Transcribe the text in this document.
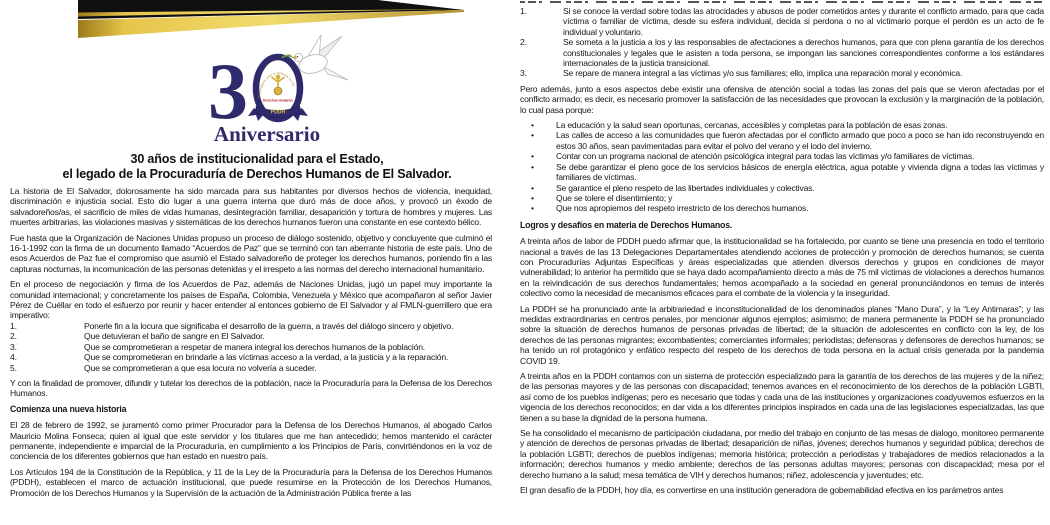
3	Procuraduría para la Defensa de los
Derechos Humanos
PDDH
Aniversario
30 años de institucionalidad para el Estado,
el legado de la Procuraduría de Derechos Humanos de El Salvador.

La historia de El Salvador, dolorosamente ha sido marcada para sus habitantes por diversos hechos de violencia, inequidad, discriminación e injusticia social. Esto dio lugar a una guerra interna que duró más de doce años, y provocó un éxodo de salvadoreños/as, el sacrificio de miles de vidas humanas, desintegración familiar, desaparición y tortura de hombres y mujeres. Las muertes arbitrarias, las violaciones masivas y sistemáticas de los derechos humanos fueron una constante en ese contexto bélico.

Fue hasta que la Organización de Naciones Unidas propuso un proceso de diálogo sostenido, objetivo y concluyente que culminó el 16-1-1992 con la firma de un documento llamado “Acuerdos de Paz” que se terminó con tan aberrante historia de este país. Uno de esos Acuerdos de Paz fue el compromiso que asumió el Estado salvadoreño de proteger los derechos humanos, poniendo fin a las capturas nocturnas, la incomunicación de las personas detenidas y el irrespeto a las normas del derecho internacional humanitario.

En el proceso de negociación y firma de los Acuerdos de Paz, además de Naciones Unidas, jugó un papel muy importante la comunidad internacional; y concretamente los países de España, Colombia, Venezuela y México que acompañaron al señor Javier Pérez de Cuéllar en todo el esfuerzo por reunir y hacer entender al entonces gobierno de El Salvador y al FMLN-guerrillero que era imperativo:

1.	Ponerle fin a la locura que significaba el desarrollo de la guerra, a través del diálogo sincero y objetivo.
2.	Que detuvieran el baño de sangre en El Salvador.
3.	Que se comprometieran a respetar de manera integral los derechos humanos de la población.
4.	Que se comprometieran en brindarle a las víctimas acceso a la verdad, a la justicia y a la reparación.
5.	Que se comprometieran a que esa locura no volvería a suceder.

Y con la finalidad de promover, difundir y tutelar los derechos de la población, nace la Procuraduría para la Defensa de los Derechos Humanos.

Comienza una nueva historia

El 28 de febrero de 1992, se juramentó como primer Procurador para la Defensa de los Derechos Humanos, al abogado Carlos Mauricio Molina Fonseca; quien al igual que este servidor y los titulares que me han antecedido; hemos mantenido el carácter permanente, independiente e imparcial de la Procuraduría, en cumplimiento a los Principios de París, convirtiéndonos en la voz de conciencia de los diferentes gobiernos que han estado en nuestro país.

Los Artículos 194 de la Constitución de la República, y 11 de la Ley de la Procuraduría para la Defensa de los Derechos Humanos (PDDH), establecen el marco de actuación institucional, que puede resumirse en la Protección de los Derechos Humanos, Promoción de los Derechos Humanos y la Supervisión de la actuación de la Administración Pública frente a las

1.	Si se conoce la verdad sobre todas las atrocidades y abusos de poder cometidos antes y durante el conflicto armado, para que cada víctima o familiar de víctima, desde su esfera individual, decida si perdona o no al victimario porque el perdón es un acto de fe individual y voluntario.
2.	Se someta a la justicia a los y las responsables de afectaciones a derechos humanos, para que con plena garantía de los derechos constitucionales y legales que le asisten a toda persona, se impongan las sanciones correspondientes conforme a los estándares internacionales de la justicia transicional.
3.	Se repare de manera integral a las víctimas y/o sus familiares; ello, implica una reparación moral y económica.

Pero además, junto a esos aspectos debe existir una ofensiva de atención social a todas las zonas del país que se vieron afectadas por el conflicto armado; es decir, es necesario promover la satisfacción de las necesidades que provocan la exclusión y la marginación de la población, lo cual pasa porque:

•	La educación y la salud sean oportunas, cercanas, accesibles y completas para la población de esas zonas.
•	Las calles de acceso a las comunidades que fueron afectadas por el conflicto armado que poco a poco se han ido reconstruyendo en estos 30 años, sean pavimentadas para evitar el polvo del verano y el lodo del invierno.
•	Contar con un programa nacional de atención psicológica integral para todas las víctimas y/o familiares de víctimas.
•	Se debe garantizar el pleno goce de los servicios básicos de energía eléctrica, agua potable y vivienda digna a todas las víctimas y familiares de víctimas.
•	Se garantice el pleno respeto de las libertades individuales y colectivas.
•	Que se tolere el disentimiento; y
•	Que nos apropiemos del respeto irrestricto de los derechos humanos.
Logros y desafíos en materia de Derechos Humanos.

A treinta años de labor de PDDH puedo afirmar que, la institucionalidad se ha fortalecido, por cuanto se tiene una presencia en todo el territorio nacional a través de las 13 Delegaciones Departamentales atendiendo acciones de protección y promoción de derechos humanos; se cuenta con Procuradurías Adjuntas Específicas y áreas especializadas que atienden diversos derechos y grupos en condiciones de mayor vulnerabilidad; lo anterior ha permitido que se haya dado acompañamiento directo a más de 75 mil víctimas de violaciones a derechos humanos en la reivindicación de sus derechos fundamentales; hemos acompañado a la sociedad en general pronunciándonos en temas de interés colectivo como la necesidad de mecanismos eficaces para el combate de la violencia y la inseguridad.

La PDDH se ha pronunciado ante la arbitrariedad e inconstitucionalidad de los denominados planes “Mano Dura”, y la “Ley Antimaras”; y las medidas extraordinarias en centros penales, por mencionar algunos ejemplos; asimismo; de manera permanente la PDDH se ha pronunciado sobre la situación de derechos humanos de personas privadas de libertad; de la situación de adolescentes en conflicto con la ley, de los derechos de las personas migrantes; excombatientes; comerciantes informales; periodistas; defensoras y defensores de derechos humanos; se ha tenido un rol protagónico y enfático respecto del respeto de los derechos de toda persona en la actual crisis generada por la pandemia COVID 19.

A treinta años en la PDDH contamos con un sistema de protección especializado para la garantía de los derechos de las mujeres y de la niñez; de las personas mayores y de las personas con discapacidad; tenemos avances en el reconocimiento de los derechos de la población LGBTI, así como de los pueblos indígenas; pero es necesario que todas y cada una de las instituciones y organizaciones coadyuvemos esfuerzos en la vigencia de los derechos reconocidos; en dar vida a los diferentes principios inspirados en cada una de las legislaciones especializadas, las que tienen a su base la dignidad de la persona humana.

Se ha consolidado el mecanismo de participación ciudadana, por medio del trabajo en conjunto de las mesas de dialogo, monitoreo permanente y atención de derechos de personas privadas de libertad; desaparición de niñas, jóvenes; derechos humanos y seguridad pública; derechos de la población LGBTI; derechos de pueblos indígenas; memoria histórica; protección a periodistas y trabajadores de medios relacionados a la información; derechos humanos y medio ambiente; derechos de las personas adultas mayores; personas con discapacidad; mesa por el derecho humano a la salud; mesa temática de VIH y derechos humanos; niñez, adolescencia y juventudes; etc.

El gran desafío de la PDDH, hoy día, es convertirse en una institución generadora de gobernabilidad efectiva en los parámetros antes
